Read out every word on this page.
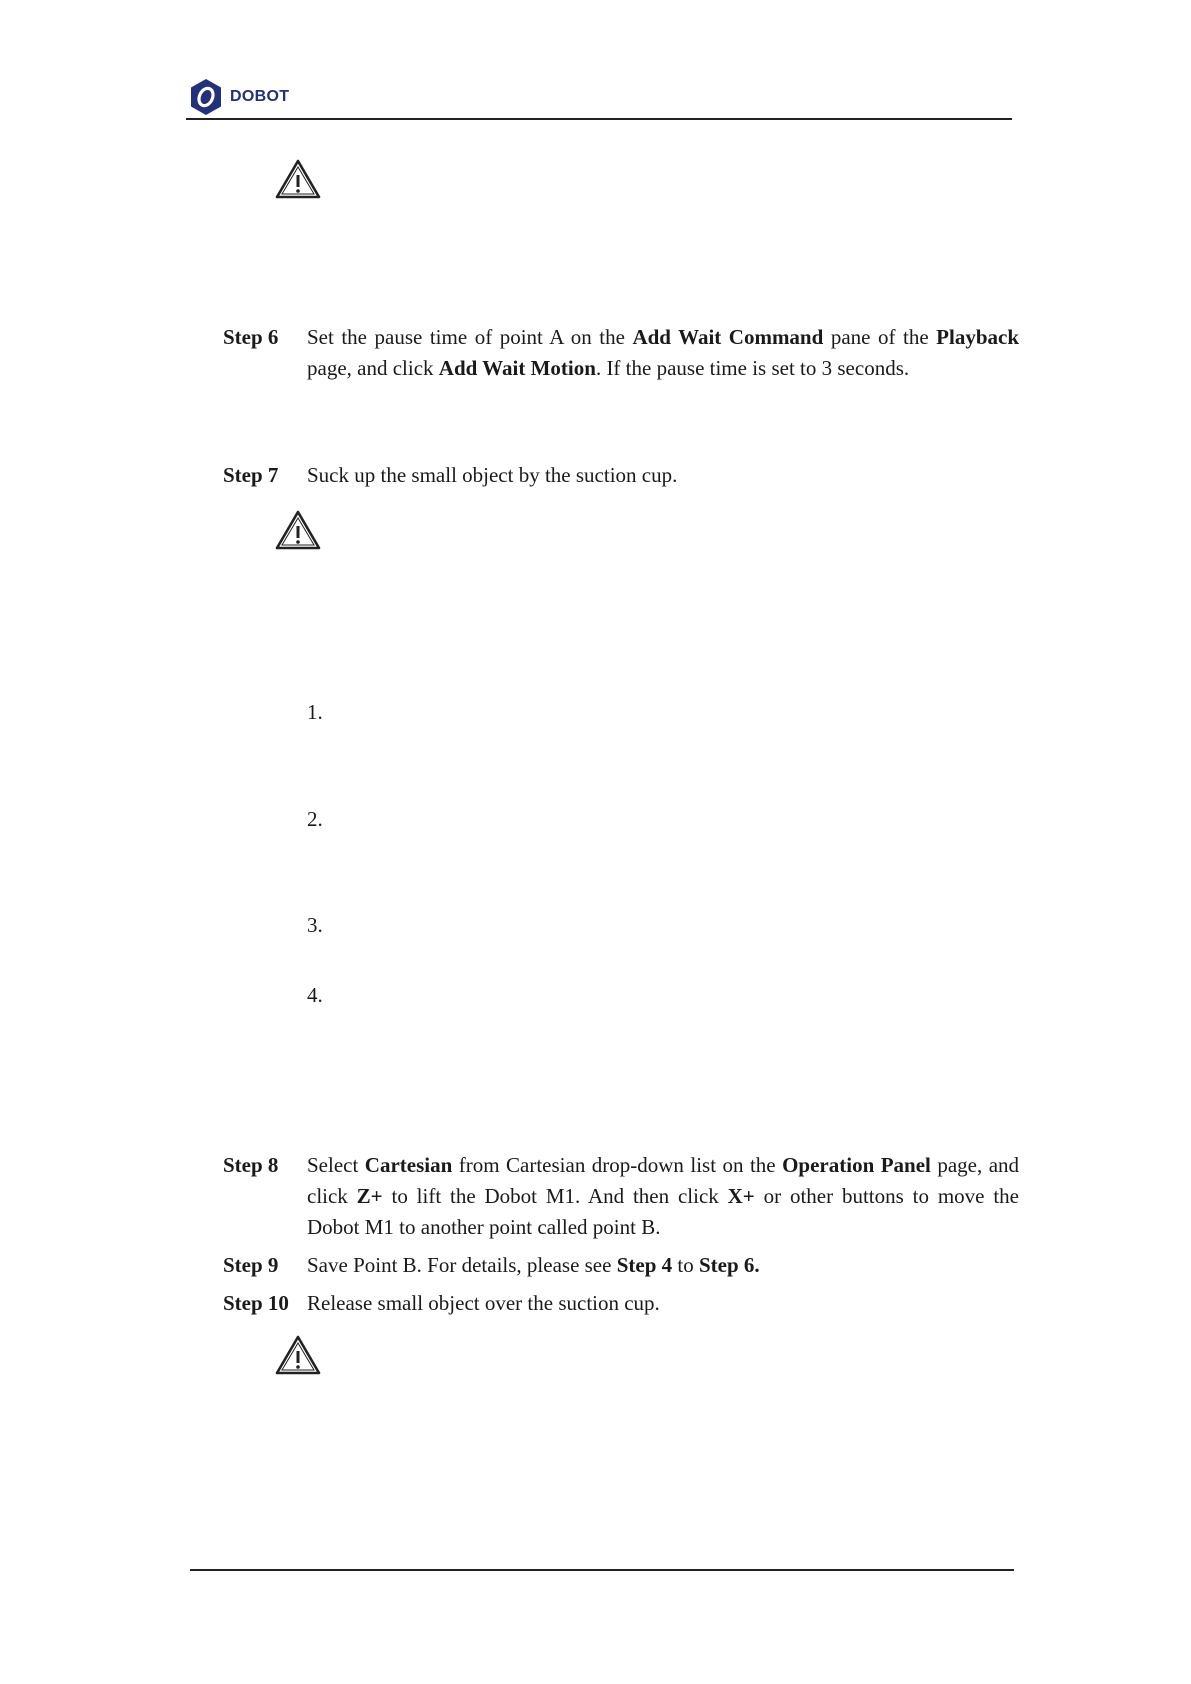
DOBOT
Step 6 Set the pause time of point A on the Add Wait Command pane of the Playback page, and click Add Wait Motion. If the pause time is set to 3 seconds.
Step 7 Suck up the small object by the suction cup.
1.
2.
3.
4.
Step 8 Select Cartesian from Cartesian drop-down list on the Operation Panel page, and click Z+ to lift the Dobot M1. And then click X+ or other buttons to move the Dobot M1 to another point called point B.
Step 9 Save Point B. For details, please see Step 4 to Step 6.
Step 10 Release small object over the suction cup.
